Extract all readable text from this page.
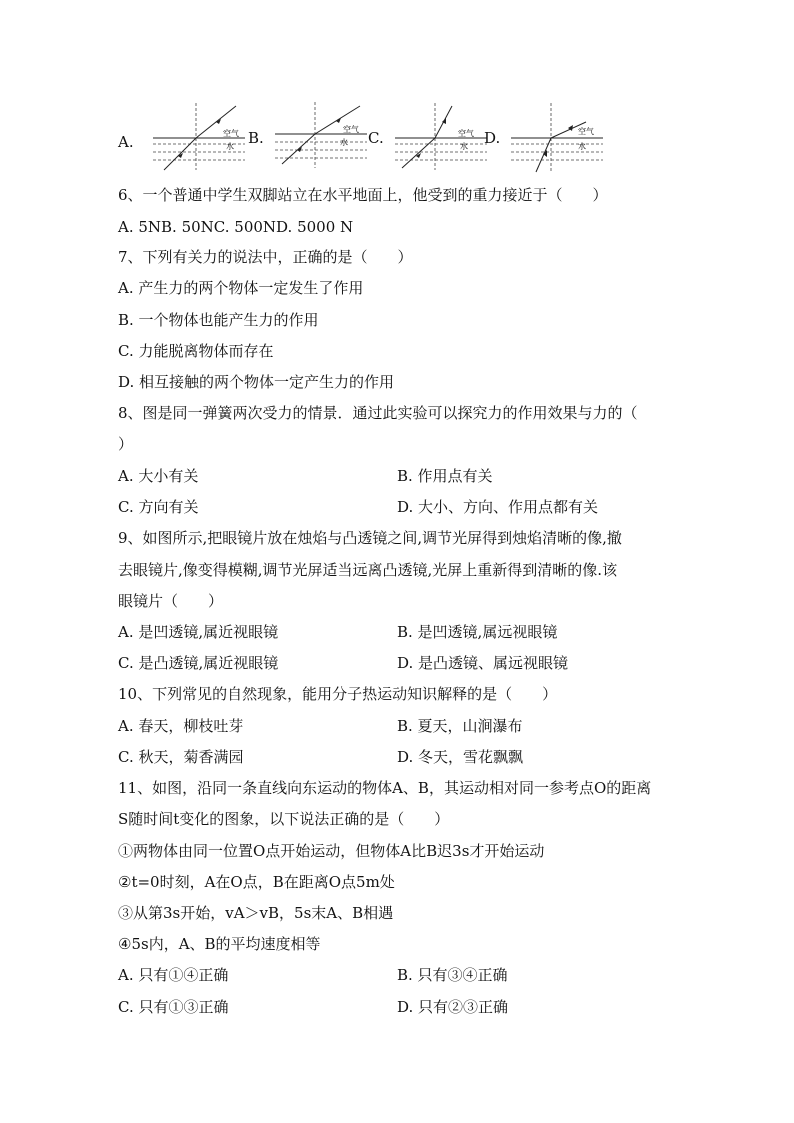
A.	空气
水 B.	空气
水 C.	空气
水 D.	空气
水
6、一个普通中学生双脚站立在水平地面上，他受到的重力接近于（　　）
A. 5NB. 50NC. 500ND. 5000 N
7、下列有关力的说法中，正确的是（　　）
A. 产生力的两个物体一定发生了作用
B. 一个物体也能产生力的作用
C. 力能脱离物体而存在
D. 相互接触的两个物体一定产生力的作用
8、图是同一弹簧两次受力的情景．通过此实验可以探究力的作用效果与力的（
）
A. 大小有关	B. 作用点有关
C. 方向有关	D. 大小、方向、作用点都有关
9、如图所示,把眼镜片放在烛焰与凸透镜之间,调节光屏得到烛焰清晰的像,撤
去眼镜片,像变得模糊,调节光屏适当远离凸透镜,光屏上重新得到清晰的像.该
眼镜片（　　）
A. 是凹透镜,属近视眼镜	B. 是凹透镜,属远视眼镜
C. 是凸透镜,属近视眼镜	D. 是凸透镜、属远视眼镜
10、下列常见的自然现象，能用分子热运动知识解释的是（　　）
A. 春天，柳枝吐芽	B. 夏天，山涧瀑布
C. 秋天，菊香满园	D. 冬天，雪花飘飘
11、如图，沿同一条直线向东运动的物体A、B，其运动相对同一参考点O的距离
S随时间t变化的图象，以下说法正确的是（　　）
①两物体由同一位置O点开始运动，但物体A比B迟3s才开始运动
②t=0时刻，A在O点，B在距离O点5m处
③从第3s开始，vA＞vB，5s末A、B相遇
④5s内，A、B的平均速度相等
A. 只有①④正确	B. 只有③④正确
C. 只有①③正确	D. 只有②③正确
